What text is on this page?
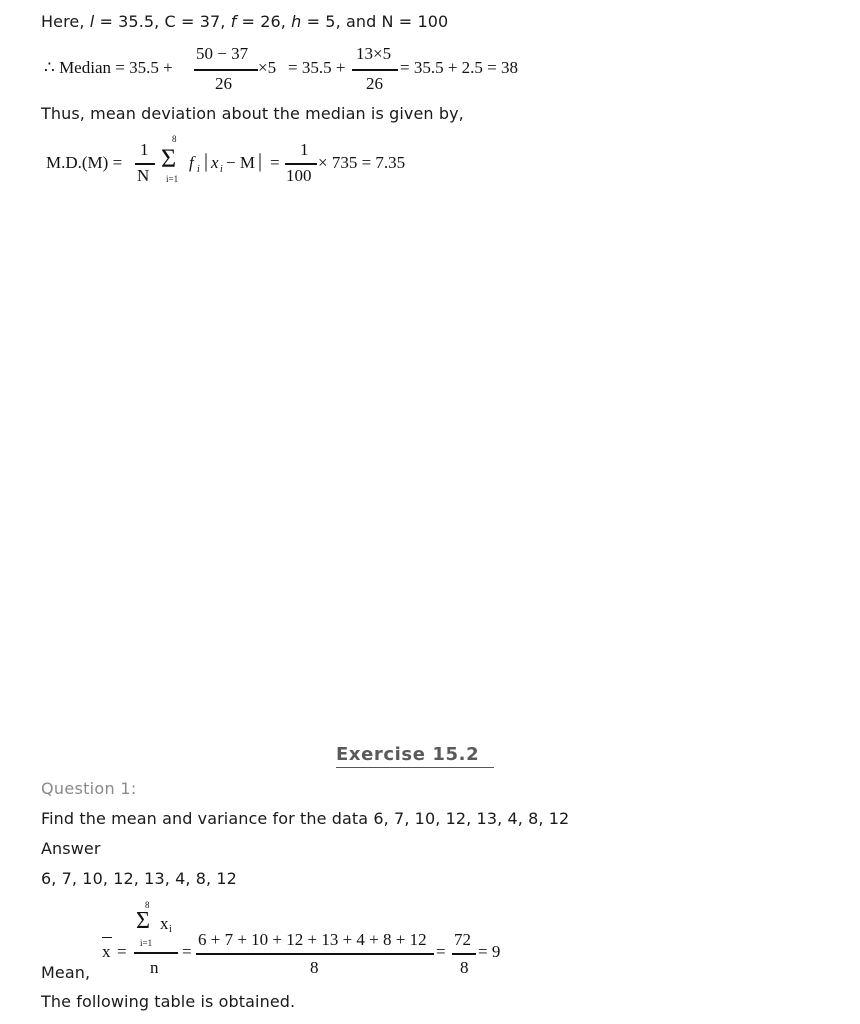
Here, l = 35.5, C = 37, f = 26, h = 5, and N = 100
∴ Median = 35.5 +
50 − 37
26
×5 = 35.5 +
13×5
26
= 35.5 + 2.5 = 38
Thus, mean deviation about the median is given by,
M.D.(M) =
1
N
8
Σ
i=1
f i | x i − M | =
1
100
× 735 = 7.35
Exercise 15.2
Question 1:
Find the mean and variance for the data 6, 7, 10, 12, 13, 4, 8, 12
Answer
6, 7, 10, 12, 13, 4, 8, 12
Mean,
x =
8
Σ
i=1
x i
n
=
6 + 7 + 10 + 12 + 13 + 4 + 8 + 12
8
=
72
8
= 9
The following table is obtained.
